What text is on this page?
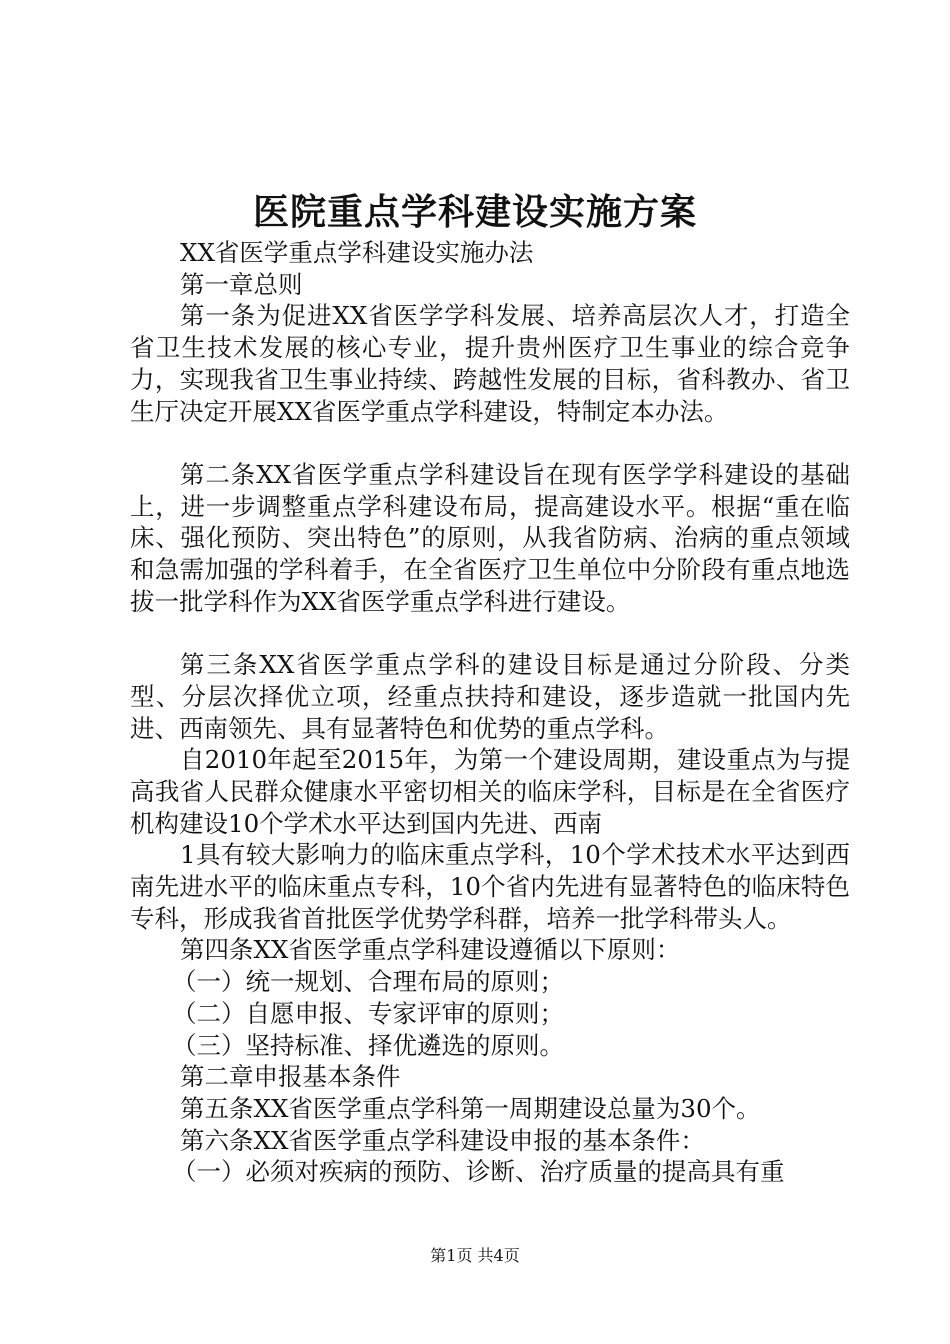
医院重点学科建设实施方案

XX省医学重点学科建设实施办法

第一章总则

第一条为促进XX省医学学科发展、培养高层次人才，打造全省卫生技术发展的核心专业，提升贵州医疗卫生事业的综合竞争力，实现我省卫生事业持续、跨越性发展的目标，省科教办、省卫生厅决定开展XX省医学重点学科建设，特制定本办法。

第二条XX省医学重点学科建设旨在现有医学学科建设的基础上，进一步调整重点学科建设布局，提高建设水平。根据“重在临床、强化预防、突出特色”的原则，从我省防病、治病的重点领域和急需加强的学科着手，在全省医疗卫生单位中分阶段有重点地选拔一批学科作为XX省医学重点学科进行建设。

第三条XX省医学重点学科的建设目标是通过分阶段、分类型、分层次择优立项，经重点扶持和建设，逐步造就一批国内先进、西南领先、具有显著特色和优势的重点学科。

自2010年起至2015年，为第一个建设周期，建设重点为与提高我省人民群众健康水平密切相关的临床学科，目标是在全省医疗机构建设10个学术水平达到国内先进、西南

1具有较大影响力的临床重点学科，10个学术技术水平达到西南先进水平的临床重点专科，10个省内先进有显著特色的临床特色专科，形成我省首批医学优势学科群，培养一批学科带头人。

第四条XX省医学重点学科建设遵循以下原则：

（一）统一规划、合理布局的原则；

（二）自愿申报、专家评审的原则；

（三）坚持标准、择优遴选的原则。

第二章申报基本条件

第五条XX省医学重点学科第一周期建设总量为30个。

第六条XX省医学重点学科建设申报的基本条件：

（一）必须对疾病的预防、诊断、治疗质量的提高具有重

第1页 共4页
